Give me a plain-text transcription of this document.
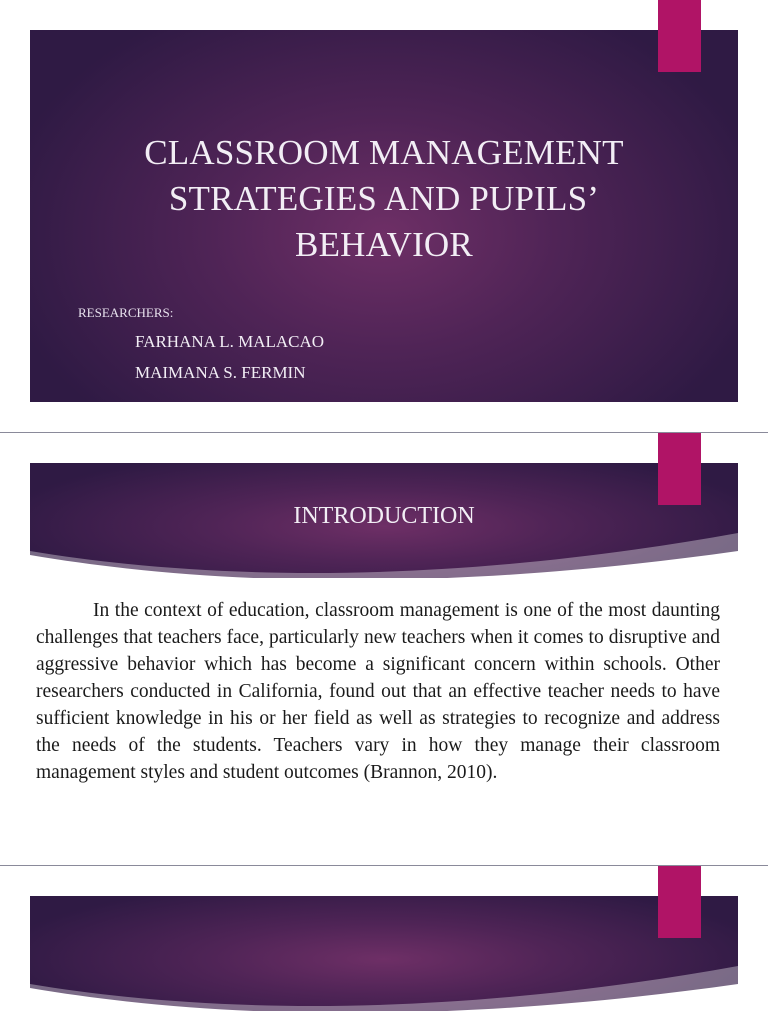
CLASSROOM MANAGEMENT STRATEGIES AND PUPILS’ BEHAVIOR
RESEARCHERS:
FARHANA L. MALACAO
MAIMANA S. FERMIN
INTRODUCTION

In the context of education, classroom management is one of the most daunting challenges that teachers face, particularly new teachers when it comes to disruptive and aggressive behavior which has become a significant concern within schools. Other researchers conducted in California, found out that an effective teacher needs to have sufficient knowledge in his or her field as well as strategies to recognize and address the needs of the students. Teachers vary in how they manage their classroom management styles and student outcomes (Brannon, 2010).
